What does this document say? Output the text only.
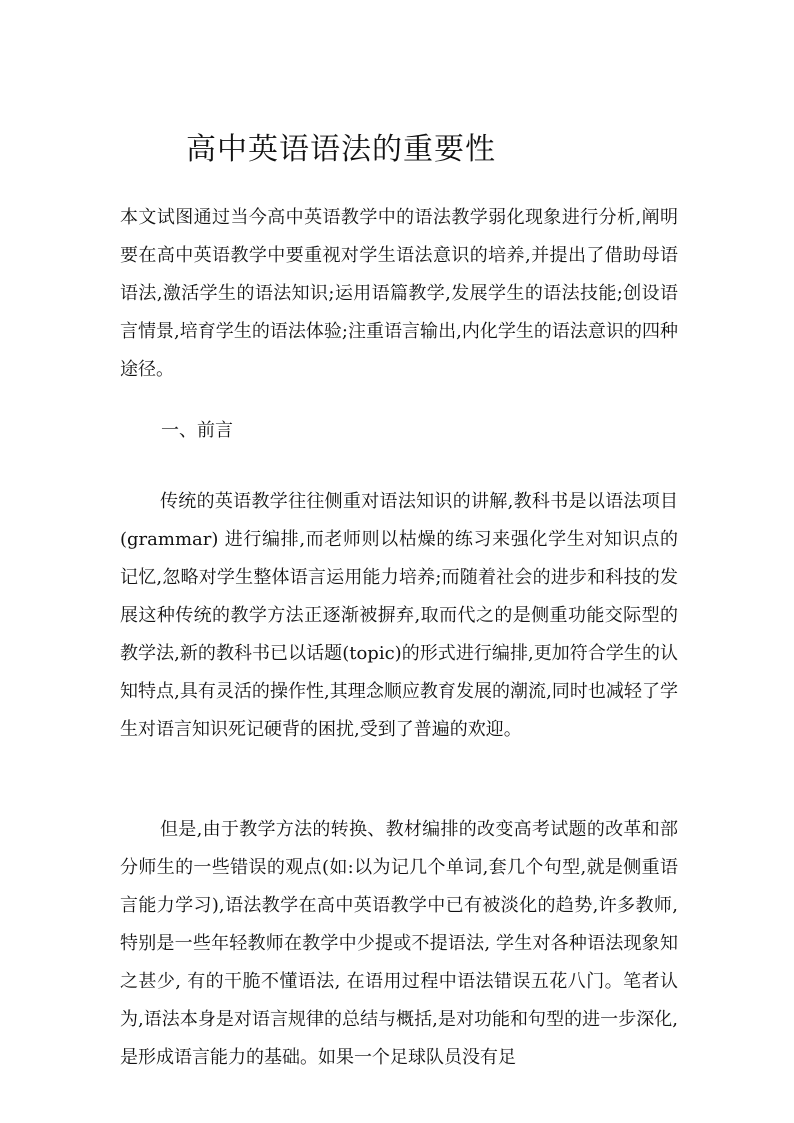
高中英语语法的重要性

本文试图通过当今高中英语教学中的语法教学弱化现象进行分析,阐明要在高中英语教学中要重视对学生语法意识的培养,并提出了借助母语语法,激活学生的语法知识;运用语篇教学,发展学生的语法技能;创设语言情景,培育学生的语法体验;注重语言输出,内化学生的语法意识的四种途径。

一、前言

传统的英语教学往往侧重对语法知识的讲解,教科书是以语法项目(grammar) 进行编排,而老师则以枯燥的练习来强化学生对知识点的记忆,忽略对学生整体语言运用能力培养;而随着社会的进步和科技的发展这种传统的教学方法正逐渐被摒弃,取而代之的是侧重功能交际型的教学法,新的教科书已以话题(topic)的形式进行编排,更加符合学生的认知特点,具有灵活的操作性,其理念顺应教育发展的潮流,同时也减轻了学生对语言知识死记硬背的困扰,受到了普遍的欢迎。

但是,由于教学方法的转换、教材编排的改变高考试题的改革和部分师生的一些错误的观点(如:以为记几个单词,套几个句型,就是侧重语言能力学习),语法教学在高中英语教学中已有被淡化的趋势,许多教师, 特别是一些年轻教师在教学中少提或不提语法, 学生对各种语法现象知之甚少, 有的干脆不懂语法, 在语用过程中语法错误五花八门。笔者认为,语法本身是对语言规律的总结与概括,是对功能和句型的进一步深化,是形成语言能力的基础。如果一个足球队员没有足
